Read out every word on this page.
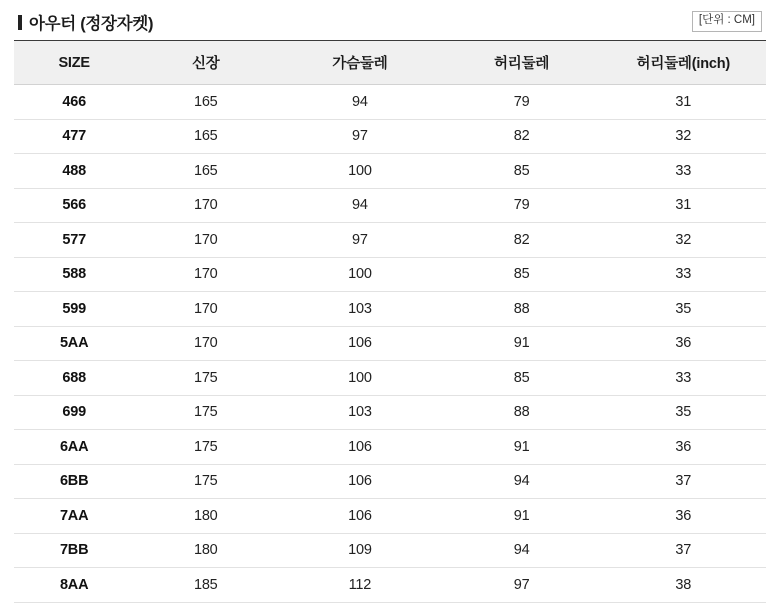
아우터 (정장자켓)	[단위 : CM]
SIZE	신장	가슴둘레	허리둘레	허리둘레(inch)
466	165	94	79	31
477	165	97	82	32
488	165	100	85	33
566	170	94	79	31
577	170	97	82	32
588	170	100	85	33
599	170	103	88	35
5AA	170	106	91	36
688	175	100	85	33
699	175	103	88	35
6AA	175	106	91	36
6BB	175	106	94	37
7AA	180	106	91	36
7BB	180	109	94	37
8AA	185	112	97	38
